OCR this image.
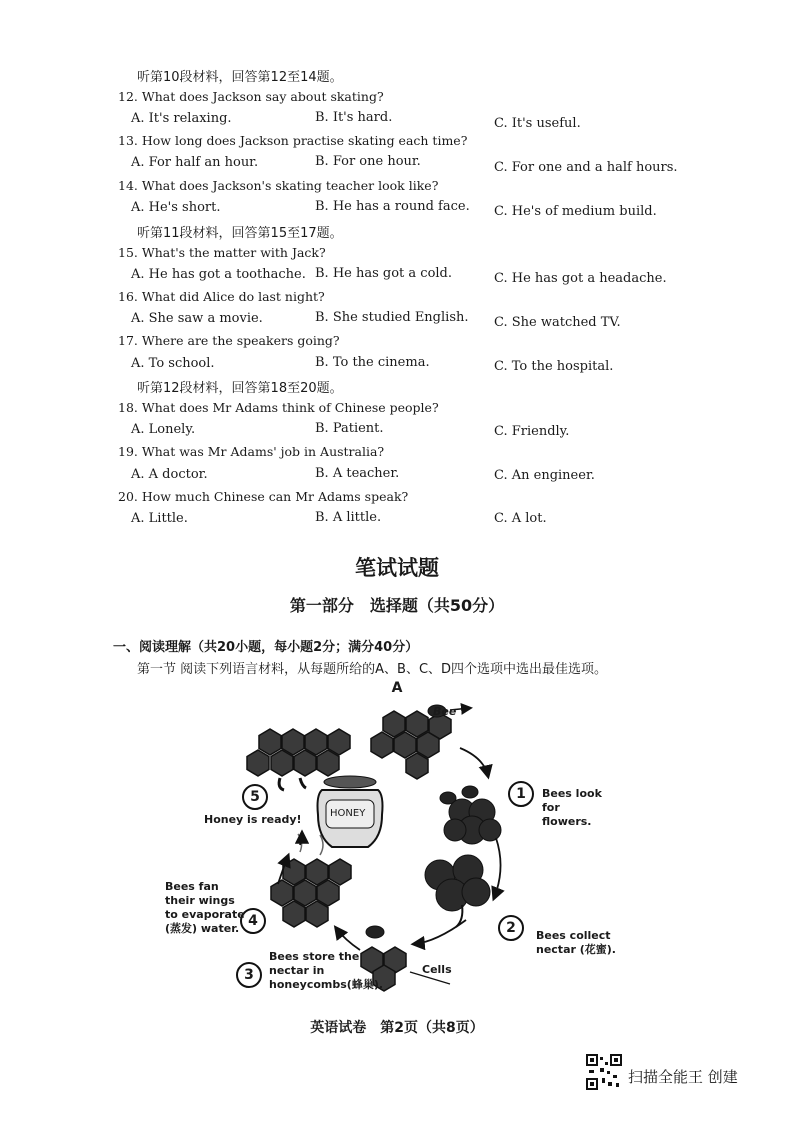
听第10段材料，回答第12至14题。
12. What does Jackson say about skating?
A. It's relaxing.	B. It's hard.	C. It's useful.
13. How long does Jackson practise skating each time?
A. For half an hour.	B. For one hour.	C. For one and a half hours.
14. What does Jackson's skating teacher look like?
A. He's short.	B. He has a round face. C. He's of medium build.
听第11段材料，回答第15至17题。
15. What's the matter with Jack?
A. He has got a toothache. B. He has got a cold.	C. He has got a headache.
16. What did Alice do last night?
A. She saw a movie.	B. She studied English. C. She watched TV.
17. Where are the speakers going?
A. To school.	B. To the cinema.	C. To the hospital.
听第12段材料，回答第18至20题。
18. What does Mr Adams think of Chinese people?
A. Lonely.	B. Patient.	C. Friendly.
19. What was Mr Adams' job in Australia?
A. A doctor.	B. A teacher.	C. An engineer.
20. How much Chinese can Mr Adams speak?
A. Little.	B. A little.	C. A lot.
笔试试题
第一部分　选择题（共50分）
一、阅读理解（共20小题，每小题2分；满分40分）
第一节 阅读下列语言材料，从每题所给的A、B、C、D四个选项中选出最佳选项。
A
Bee
HONEY
Cells
1	Bees look
for
flowers.
2	Bees collect
nectar (花蜜).
3
Bees store the
nectar in
honeycombs(蜂巢).
4
Bees fan
their wings
to evaporate
(蒸发) water.
5
Honey is ready!
英语试卷　第2页（共8页）
扫描全能王 创建
